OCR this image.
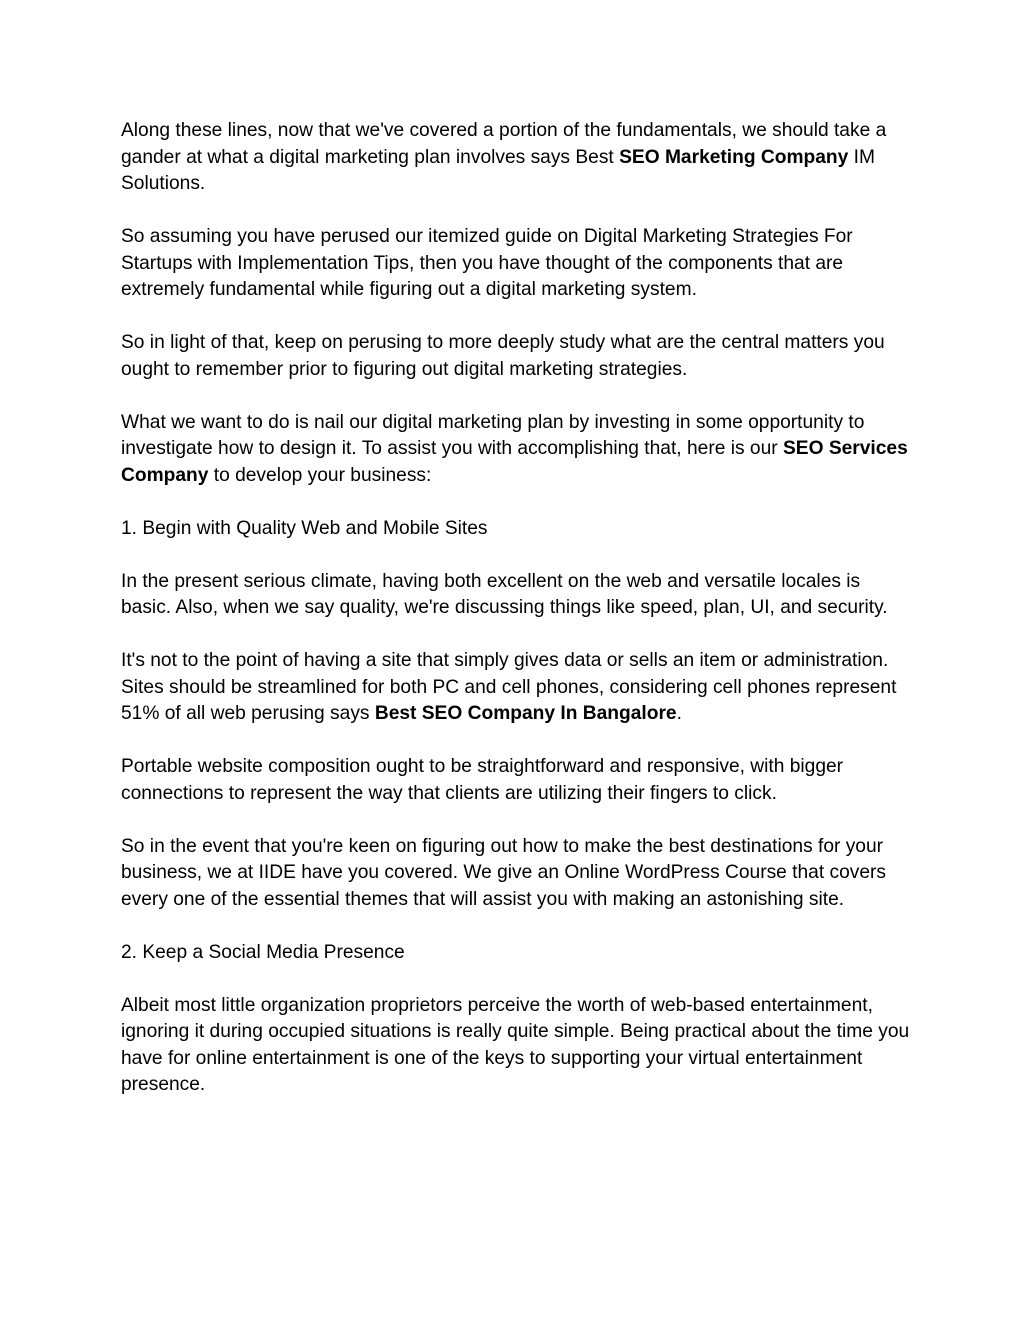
Along these lines, now that we've covered a portion of the fundamentals, we should take a gander at what a digital marketing plan involves says Best SEO Marketing Company IM Solutions.

So assuming you have perused our itemized guide on Digital Marketing Strategies For Startups with Implementation Tips, then you have thought of the components that are extremely fundamental while figuring out a digital marketing system.

So in light of that, keep on perusing to more deeply study what are the central matters you ought to remember prior to figuring out digital marketing strategies.

What we want to do is nail our digital marketing plan by investing in some opportunity to investigate how to design it. To assist you with accomplishing that, here is our SEO Services Company to develop your business:

1. Begin with Quality Web and Mobile Sites

In the present serious climate, having both excellent on the web and versatile locales is basic. Also, when we say quality, we're discussing things like speed, plan, UI, and security.

It's not to the point of having a site that simply gives data or sells an item or administration. Sites should be streamlined for both PC and cell phones, considering cell phones represent 51% of all web perusing says Best SEO Company In Bangalore.

Portable website composition ought to be straightforward and responsive, with bigger connections to represent the way that clients are utilizing their fingers to click.

So in the event that you're keen on figuring out how to make the best destinations for your business, we at IIDE have you covered. We give an Online WordPress Course that covers every one of the essential themes that will assist you with making an astonishing site.

2. Keep a Social Media Presence

Albeit most little organization proprietors perceive the worth of web-based entertainment, ignoring it during occupied situations is really quite simple. Being practical about the time you have for online entertainment is one of the keys to supporting your virtual entertainment presence.
